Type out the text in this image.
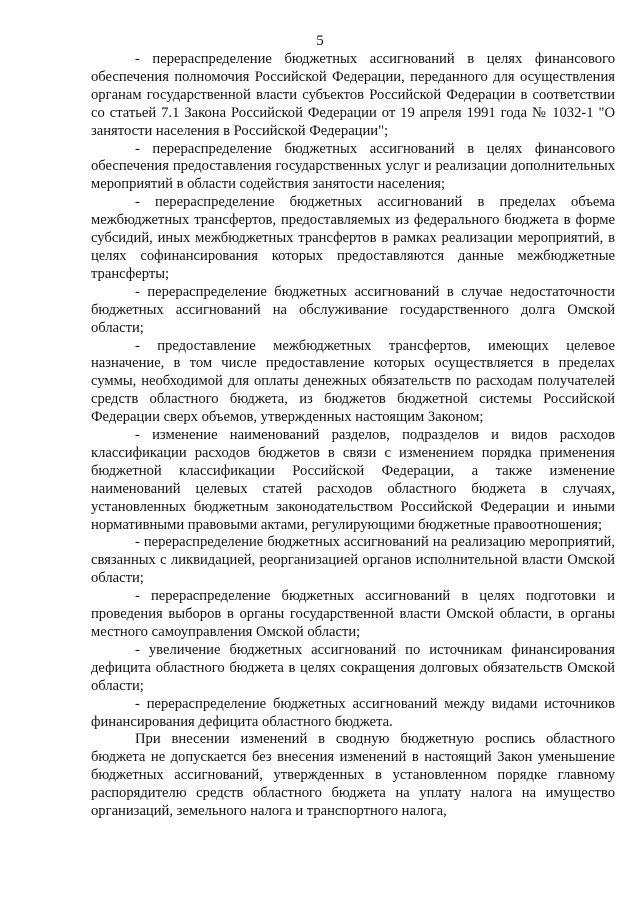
5

- перераспределение бюджетных ассигнований в целях финансового обеспечения полномочия Российской Федерации, переданного для осуществления органам государственной власти субъектов Российской Федерации в соответствии со статьей 7.1 Закона Российской Федерации от 19 апреля 1991 года № 1032-1 "О занятости населения в Российской Федерации";

- перераспределение бюджетных ассигнований в целях финансового обеспечения предоставления государственных услуг и реализации дополнительных мероприятий в области содействия занятости населения;

- перераспределение бюджетных ассигнований в пределах объема межбюджетных трансфертов, предоставляемых из федерального бюджета в форме субсидий, иных межбюджетных трансфертов в рамках реализации мероприятий, в целях софинансирования которых предоставляются данные межбюджетные трансферты;

- перераспределение бюджетных ассигнований в случае недостаточности бюджетных ассигнований на обслуживание государственного долга Омской области;

- предоставление межбюджетных трансфертов, имеющих целевое назначение, в том числе предоставление которых осуществляется в пределах суммы, необходимой для оплаты денежных обязательств по расходам получателей средств областного бюджета, из бюджетов бюджетной системы Российской Федерации сверх объемов, утвержденных настоящим Законом;

- изменение наименований разделов, подразделов и видов расходов классификации расходов бюджетов в связи с изменением порядка применения бюджетной классификации Российской Федерации, а также изменение наименований целевых статей расходов областного бюджета в случаях, установленных бюджетным законодательством Российской Федерации и иными нормативными правовыми актами, регулирующими бюджетные правоотношения;

- перераспределение бюджетных ассигнований на реализацию мероприятий, связанных с ликвидацией, реорганизацией органов исполнительной власти Омской области;

- перераспределение бюджетных ассигнований в целях подготовки и проведения выборов в органы государственной власти Омской области, в органы местного самоуправления Омской области;

- увеличение бюджетных ассигнований по источникам финансирования дефицита областного бюджета в целях сокращения долговых обязательств Омской области;

- перераспределение бюджетных ассигнований между видами источников финансирования дефицита областного бюджета.

При внесении изменений в сводную бюджетную роспись областного бюджета не допускается без внесения изменений в настоящий Закон уменьшение бюджетных ассигнований, утвержденных в установленном порядке главному распорядителю средств областного бюджета на уплату налога на имущество организаций, земельного налога и транспортного налога,
